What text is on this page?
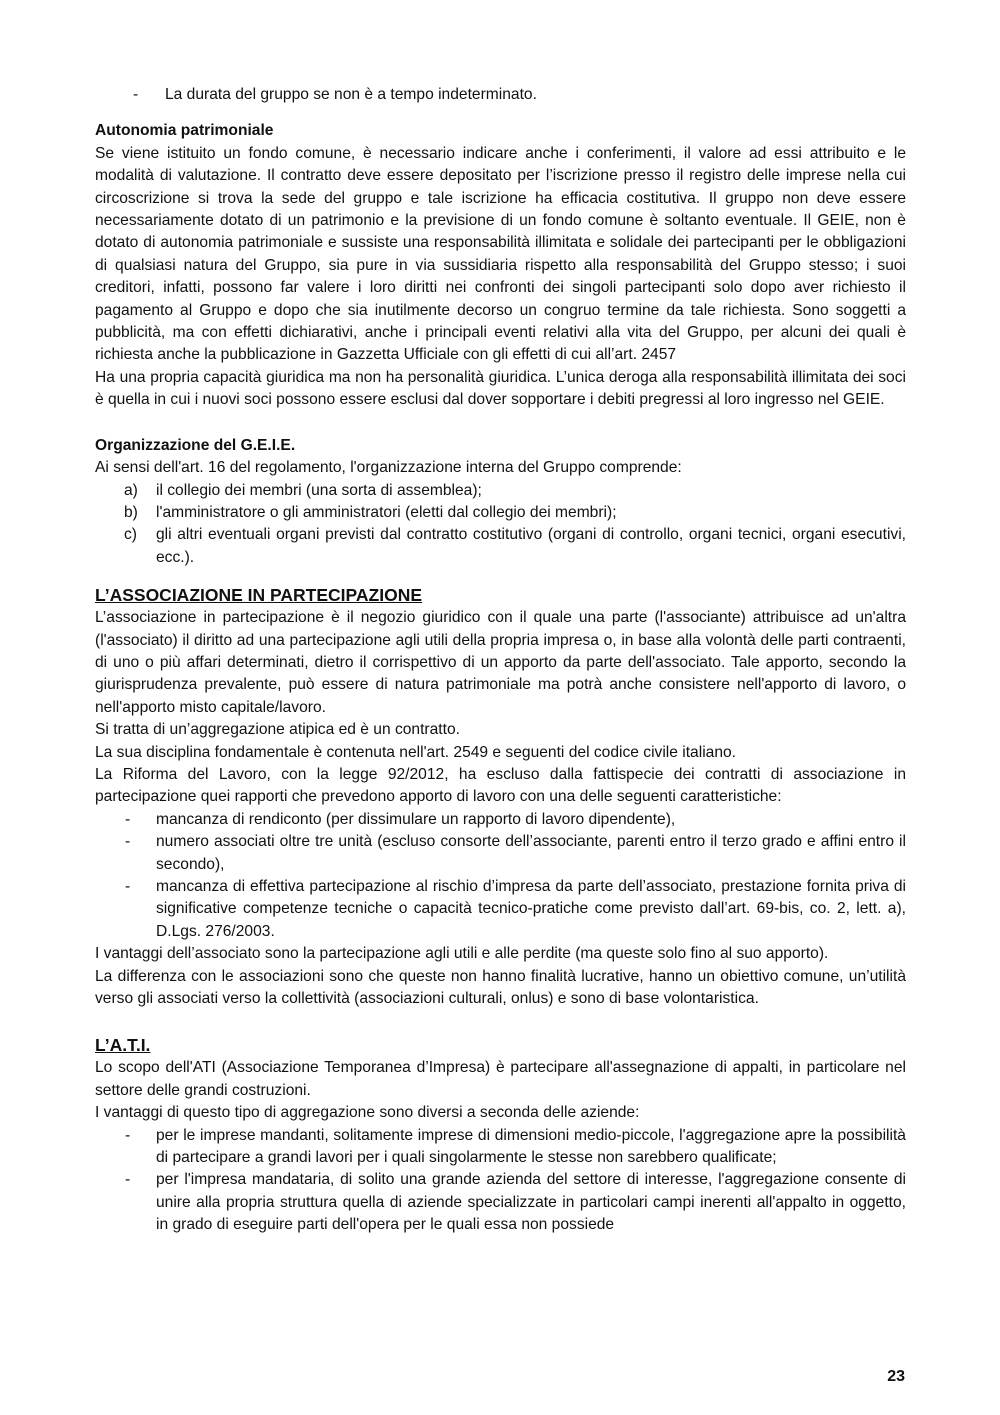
- La durata del gruppo se non è a tempo indeterminato.

Autonomia patrimoniale

Se viene istituito un fondo comune, è necessario indicare anche i conferimenti, il valore ad essi attribuito e le modalità di valutazione. Il contratto deve essere depositato per l’iscrizione presso il registro delle imprese nella cui circoscrizione si trova la sede del gruppo e tale iscrizione ha efficacia costitutiva. Il gruppo non deve essere necessariamente dotato di un patrimonio e la previsione di un fondo comune è soltanto eventuale. Il GEIE, non è dotato di autonomia patrimoniale e sussiste una responsabilità illimitata e solidale dei partecipanti per le obbligazioni di qualsiasi natura del Gruppo, sia pure in via sussidiaria rispetto alla responsabilità del Gruppo stesso; i suoi creditori, infatti, possono far valere i loro diritti nei confronti dei singoli partecipanti solo dopo aver richiesto il pagamento al Gruppo e dopo che sia inutilmente decorso un congruo termine da tale richiesta. Sono soggetti a pubblicità, ma con effetti dichiarativi, anche i principali eventi relativi alla vita del Gruppo, per alcuni dei quali è richiesta anche la pubblicazione in Gazzetta Ufficiale con gli effetti di cui all’art. 2457

Ha una propria capacità giuridica ma non ha personalità giuridica. L’unica deroga alla responsabilità illimitata dei soci è quella in cui i nuovi soci possono essere esclusi dal dover sopportare i debiti pregressi al loro ingresso nel GEIE.

Organizzazione del G.E.I.E.

Ai sensi dell'art. 16 del regolamento, l'organizzazione interna del Gruppo comprende:

a) il collegio dei membri (una sorta di assemblea);
b) l'amministratore o gli amministratori (eletti dal collegio dei membri);
c) gli altri eventuali organi previsti dal contratto costitutivo (organi di controllo, organi tecnici, organi esecutivi, ecc.).

L’ASSOCIAZIONE IN PARTECIPAZIONE

L’associazione in partecipazione è il negozio giuridico con il quale una parte (l'associante) attribuisce ad un'altra (l'associato) il diritto ad una partecipazione agli utili della propria impresa o, in base alla volontà delle parti contraenti, di uno o più affari determinati, dietro il corrispettivo di un apporto da parte dell'associato. Tale apporto, secondo la giurisprudenza prevalente, può essere di natura patrimoniale ma potrà anche consistere nell'apporto di lavoro, o nell'apporto misto capitale/lavoro.

Si tratta di un’aggregazione atipica ed è un contratto.

La sua disciplina fondamentale è contenuta nell'art. 2549 e seguenti del codice civile italiano.

La Riforma del Lavoro, con la legge 92/2012, ha escluso dalla fattispecie dei contratti di associazione in partecipazione quei rapporti che prevedono apporto di lavoro con una delle seguenti caratteristiche:

- mancanza di rendiconto (per dissimulare un rapporto di lavoro dipendente),
- numero associati oltre tre unità (escluso consorte dell’associante, parenti entro il terzo grado e affini entro il secondo),
- mancanza di effettiva partecipazione al rischio d’impresa da parte dell’associato, prestazione fornita priva di significative competenze tecniche o capacità tecnico-pratiche come previsto dall’art. 69-bis, co. 2, lett. a), D.Lgs. 276/2003.

I vantaggi dell’associato sono la partecipazione agli utili e alle perdite (ma queste solo fino al suo apporto).

La differenza con le associazioni sono che queste non hanno finalità lucrative, hanno un obiettivo comune, un’utilità verso gli associati verso la collettività (associazioni culturali, onlus) e sono di base volontaristica.

L’A.T.I.

Lo scopo dell'ATI (Associazione Temporanea d’Impresa) è partecipare all'assegnazione di appalti, in particolare nel settore delle grandi costruzioni.

I vantaggi di questo tipo di aggregazione sono diversi a seconda delle aziende:

- per le imprese mandanti, solitamente imprese di dimensioni medio-piccole, l'aggregazione apre la possibilità di partecipare a grandi lavori per i quali singolarmente le stesse non sarebbero qualificate;
- per l'impresa mandataria, di solito una grande azienda del settore di interesse, l'aggregazione consente di unire alla propria struttura quella di aziende specializzate in particolari campi inerenti all'appalto in oggetto, in grado di eseguire parti dell'opera per le quali essa non possiede
23
